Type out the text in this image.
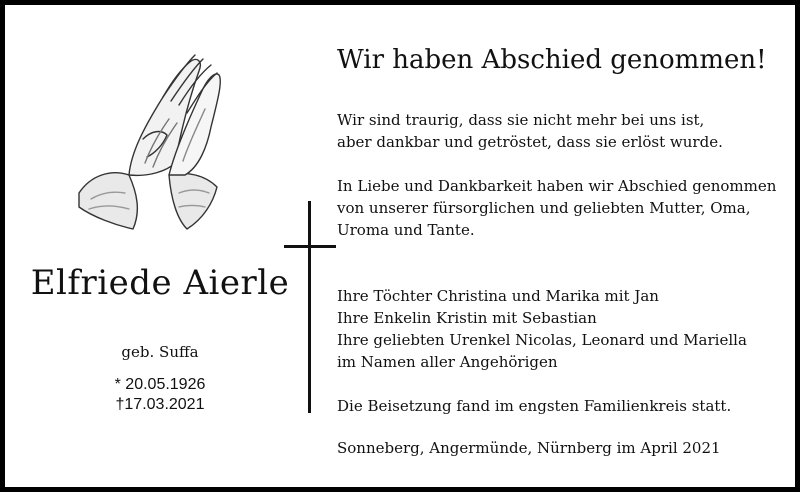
Elfriede Aierle
geb. Suffa
* 20.05.1926
†17.03.2021
Wir haben Abschied genommen!
Wir sind traurig, dass sie nicht mehr bei uns ist,
aber dankbar und getröstet, dass sie erlöst wurde.
In Liebe und Dankbarkeit haben wir Abschied genommen
von unserer fürsorglichen und geliebten Mutter, Oma,
Uroma und Tante.
Ihre Töchter Christina und Marika mit Jan
Ihre Enkelin Kristin mit Sebastian
Ihre geliebten Urenkel Nicolas, Leonard und Mariella
im Namen aller Angehörigen
Die Beisetzung fand im engsten Familienkreis statt.
Sonneberg, Angermünde, Nürnberg im April 2021
